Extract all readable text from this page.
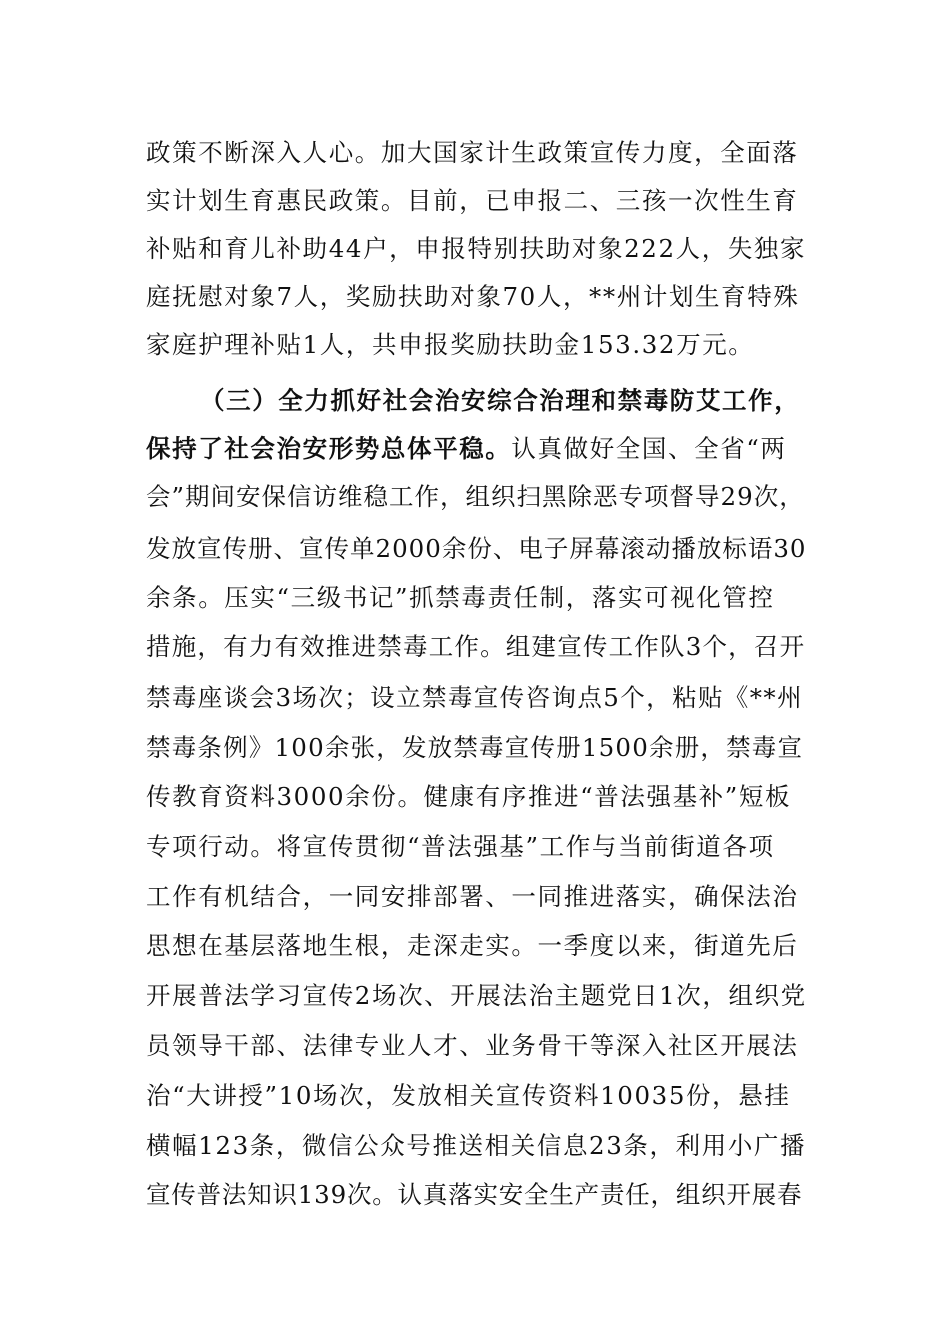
政策不断深入人心。加大国家计生政策宣传力度，全面落
实计划生育惠民政策。目前，已申报二、三孩一次性生育
补贴和育儿补助44户，申报特别扶助对象222人，失独家
庭抚慰对象7人，奖励扶助对象70人，**州计划生育特殊
家庭护理补贴1人，共申报奖励扶助金153.32万元。
（三）全力抓好社会治安综合治理和禁毒防艾工作，
保持了社会治安形势总体平稳。认真做好全国、全省“两
会”期间安保信访维稳工作，组织扫黑除恶专项督导29次，
发放宣传册、宣传单2000余份、电子屏幕滚动播放标语30
余条。压实“三级书记”抓禁毒责任制，落实可视化管控
措施，有力有效推进禁毒工作。组建宣传工作队3个，召开
禁毒座谈会3场次；设立禁毒宣传咨询点5个，粘贴《**州
禁毒条例》100余张，发放禁毒宣传册1500余册，禁毒宣
传教育资料3000余份。健康有序推进“普法强基补”短板
专项行动。将宣传贯彻“普法强基”工作与当前街道各项
工作有机结合，一同安排部署、一同推进落实，确保法治
思想在基层落地生根，走深走实。一季度以来，街道先后
开展普法学习宣传2场次、开展法治主题党日1次，组织党
员领导干部、法律专业人才、业务骨干等深入社区开展法
治“大讲授”10场次，发放相关宣传资料10035份，悬挂
横幅123条，微信公众号推送相关信息23条，利用小广播
宣传普法知识139次。认真落实安全生产责任，组织开展春
